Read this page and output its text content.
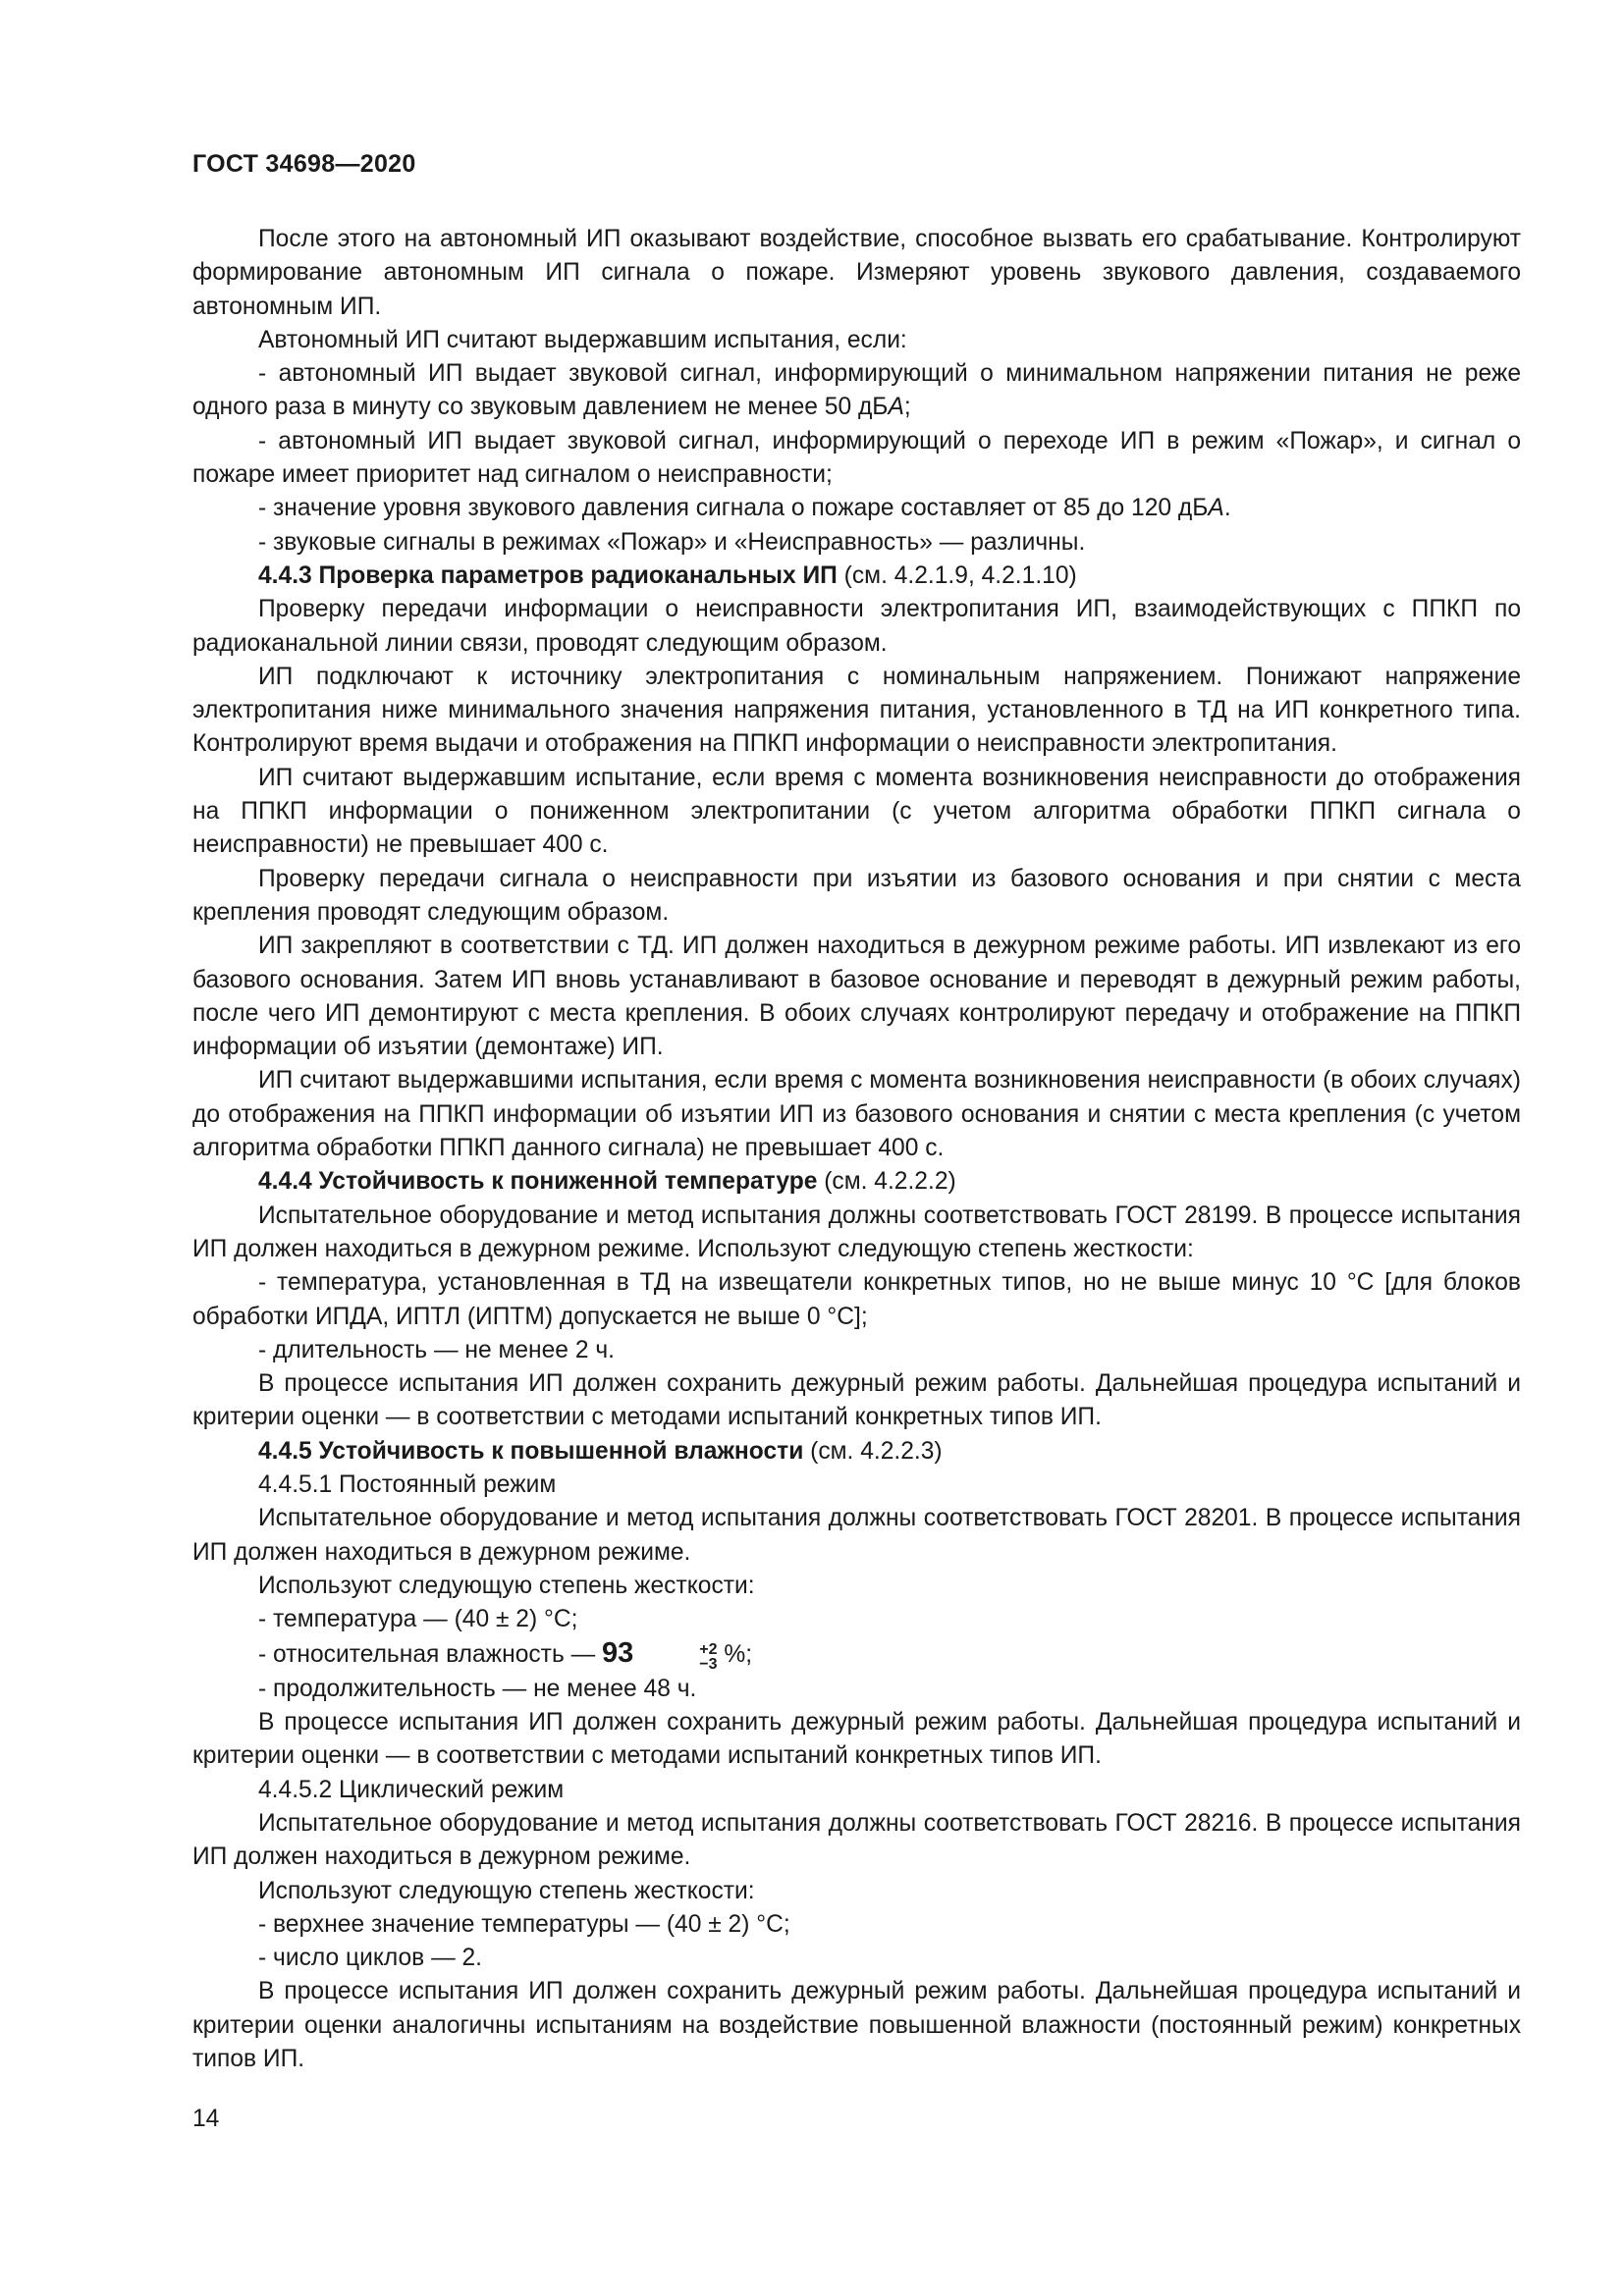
ГОСТ 34698—2020

После этого на автономный ИП оказывают воздействие, способное вызвать его срабатывание. Контролируют формирование автономным ИП сигнала о пожаре. Измеряют уровень звукового давления, создаваемого автономным ИП.

Автономный ИП считают выдержавшим испытания, если:

- автономный ИП выдает звуковой сигнал, информирующий о минимальном напряжении питания не реже одного раза в минуту со звуковым давлением не менее 50 дБА;

- автономный ИП выдает звуковой сигнал, информирующий о переходе ИП в режим «Пожар», и сигнал о пожаре имеет приоритет над сигналом о неисправности;

- значение уровня звукового давления сигнала о пожаре составляет от 85 до 120 дБА.

- звуковые сигналы в режимах «Пожар» и «Неисправность» — различны.

4.4.3 Проверка параметров радиоканальных ИП (см. 4.2.1.9, 4.2.1.10)

Проверку передачи информации о неисправности электропитания ИП, взаимодействующих с ППКП по радиоканальной линии связи, проводят следующим образом.

ИП подключают к источнику электропитания с номинальным напряжением. Понижают напряжение электропитания ниже минимального значения напряжения питания, установленного в ТД на ИП конкретного типа. Контролируют время выдачи и отображения на ППКП информации о неисправности электропитания.

ИП считают выдержавшим испытание, если время с момента возникновения неисправности до отображения на ППКП информации о пониженном электропитании (с учетом алгоритма обработки ППКП сигнала о неисправности) не превышает 400 с.

Проверку передачи сигнала о неисправности при изъятии из базового основания и при снятии с места крепления проводят следующим образом.

ИП закрепляют в соответствии с ТД. ИП должен находиться в дежурном режиме работы. ИП извлекают из его базового основания. Затем ИП вновь устанавливают в базовое основание и переводят в дежурный режим работы, после чего ИП демонтируют с места крепления. В обоих случаях контролируют передачу и отображение на ППКП информации об изъятии (демонтаже) ИП.

ИП считают выдержавшими испытания, если время с момента возникновения неисправности (в обоих случаях) до отображения на ППКП информации об изъятии ИП из базового основания и снятии с места крепления (с учетом алгоритма обработки ППКП данного сигнала) не превышает 400 с.

4.4.4 Устойчивость к пониженной температуре (см. 4.2.2.2)

Испытательное оборудование и метод испытания должны соответствовать ГОСТ 28199. В процессе испытания ИП должен находиться в дежурном режиме. Используют следующую степень жесткости:

- температура, установленная в ТД на извещатели конкретных типов, но не выше минус 10 °С [для блоков обработки ИПДА, ИПТЛ (ИПТМ) допускается не выше 0 °С];

- длительность — не менее 2 ч.

В процессе испытания ИП должен сохранить дежурный режим работы. Дальнейшая процедура испытаний и критерии оценки — в соответствии с методами испытаний конкретных типов ИП.

4.4.5 Устойчивость к повышенной влажности (см. 4.2.2.3)

4.4.5.1 Постоянный режим

Испытательное оборудование и метод испытания должны соответствовать ГОСТ 28201. В процессе испытания ИП должен находиться в дежурном режиме.

Используют следующую степень жесткости:

- температура — (40 ± 2) °С;

- относительная влажность — 93	+2
−3 %;

- продолжительность — не менее 48 ч.

В процессе испытания ИП должен сохранить дежурный режим работы. Дальнейшая процедура испытаний и критерии оценки — в соответствии с методами испытаний конкретных типов ИП.

4.4.5.2 Циклический режим

Испытательное оборудование и метод испытания должны соответствовать ГОСТ 28216. В процессе испытания ИП должен находиться в дежурном режиме.

Используют следующую степень жесткости:

- верхнее значение температуры — (40 ± 2) °С;

- число циклов — 2.

В процессе испытания ИП должен сохранить дежурный режим работы. Дальнейшая процедура испытаний и критерии оценки аналогичны испытаниям на воздействие повышенной влажности (постоянный режим) конкретных типов ИП.

14
